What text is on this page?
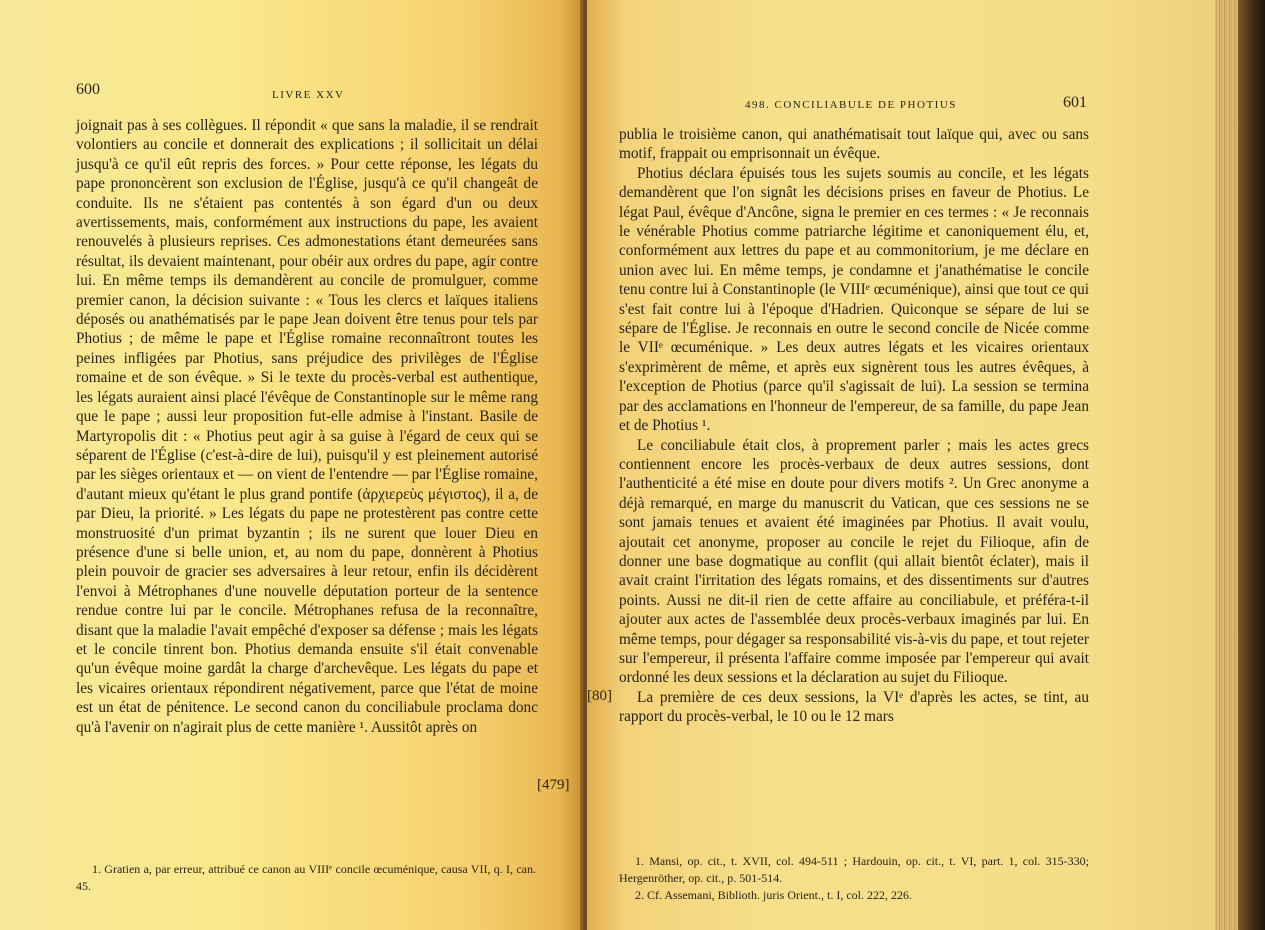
600	LIVRE XXV

joignait pas à ses collègues. Il répondit « que sans la maladie, il se rendrait volontiers au concile et donnerait des explications ; il sollicitait un délai jusqu'à ce qu'il eût repris des forces. » Pour cette réponse, les légats du pape prononcèrent son exclusion de l'Église, jusqu'à ce qu'il changeât de conduite. Ils ne s'étaient pas contentés à son égard d'un ou deux avertissements, mais, conformément aux instructions du pape, les avaient renouvelés à plusieurs reprises. Ces admonestations étant demeurées sans résultat, ils devaient maintenant, pour obéir aux ordres du pape, agir contre lui. En même temps ils demandèrent au concile de promulguer, comme premier canon, la décision suivante : « Tous les clercs et laïques italiens déposés ou anathématisés par le pape Jean doivent être tenus pour tels par Photius ; de même le pape et l'Église romaine reconnaîtront toutes les peines infligées par Photius, sans préjudice des privilèges de l'Église romaine et de son évêque. » Si le texte du procès-verbal est authentique, les légats auraient ainsi placé l'évêque de Constantinople sur le même rang que le pape ; aussi leur proposition fut-elle admise à l'instant. Basile de Martyropolis dit : « Photius peut agir à sa guise à l'égard de ceux qui se séparent de l'Église (c'est-à-dire de lui), puisqu'il y est pleinement autorisé par les sièges orientaux et — on vient de l'entendre — par l'Église romaine, d'autant mieux qu'étant le plus grand pontife (ἀρχιερεὺς μέγιστος), il a, de par Dieu, la priorité. » Les légats du pape ne protestèrent pas contre cette monstruosité d'un primat byzantin ; ils ne surent que louer Dieu en présence d'une si belle union, et, au nom du pape, donnèrent à Photius plein pouvoir de gracier ses adversaires à leur retour, enfin ils décidèrent l'envoi à Métrophanes d'une nouvelle députation porteur de la sentence rendue contre lui par le concile. Métrophanes refusa de la reconnaître, disant que la maladie l'avait empêché d'exposer sa défense ; mais les légats et le concile tinrent bon. Photius demanda ensuite s'il était convenable qu'un évêque moine gardât la charge d'archevêque. Les légats du pape et les vicaires orientaux répondirent négativement, parce que l'état de moine est un état de pénitence. Le second canon du conciliabule proclama donc qu'à l'avenir on n'agirait plus de cette manière ¹. Aussitôt après on

[479]

1. Gratien a, par erreur, attribué ce canon au VIIIᵉ concile œcuménique, causa VII, q. I, can. 45.

498. CONCILIABULE DE PHOTIUS	601
[80]

publia le troisième canon, qui anathématisait tout laïque qui, avec ou sans motif, frappait ou emprisonnait un évêque.

Photius déclara épuisés tous les sujets soumis au concile, et les légats demandèrent que l'on signât les décisions prises en faveur de Photius. Le légat Paul, évêque d'Ancône, signa le premier en ces termes : « Je reconnais le vénérable Photius comme patriarche légitime et canoniquement élu, et, conformément aux lettres du pape et au commonitorium, je me déclare en union avec lui. En même temps, je condamne et j'anathématise le concile tenu contre lui à Constantinople (le VIIIᵉ œcuménique), ainsi que tout ce qui s'est fait contre lui à l'époque d'Hadrien. Quiconque se sépare de lui se sépare de l'Église. Je reconnais en outre le second concile de Nicée comme le VIIᵉ œcuménique. » Les deux autres légats et les vicaires orientaux s'exprimèrent de même, et après eux signèrent tous les autres évêques, à l'exception de Photius (parce qu'il s'agissait de lui). La session se termina par des acclamations en l'honneur de l'empereur, de sa famille, du pape Jean et de Photius ¹.

Le conciliabule était clos, à proprement parler ; mais les actes grecs contiennent encore les procès-verbaux de deux autres sessions, dont l'authenticité a été mise en doute pour divers motifs ². Un Grec anonyme a déjà remarqué, en marge du manuscrit du Vatican, que ces sessions ne se sont jamais tenues et avaient été imaginées par Photius. Il avait voulu, ajoutait cet anonyme, proposer au concile le rejet du Filioque, afin de donner une base dogmatique au conflit (qui allait bientôt éclater), mais il avait craint l'irritation des légats romains, et des dissentiments sur d'autres points. Aussi ne dit-il rien de cette affaire au conciliabule, et préféra-t-il ajouter aux actes de l'assemblée deux procès-verbaux imaginés par lui. En même temps, pour dégager sa responsabilité vis-à-vis du pape, et tout rejeter sur l'empereur, il présenta l'affaire comme imposée par l'empereur qui avait ordonné les deux sessions et la déclaration au sujet du Filioque.

La première de ces deux sessions, la VIᵉ d'après les actes, se tint, au rapport du procès-verbal, le 10 ou le 12 mars

1. Mansi, op. cit., t. XVII, col. 494-511 ; Hardouin, op. cit., t. VI, part. 1, col. 315-330; Hergenröther, op. cit., p. 501-514.

2. Cf. Assemani, Biblioth. juris Orient., t. I, col. 222, 226.
